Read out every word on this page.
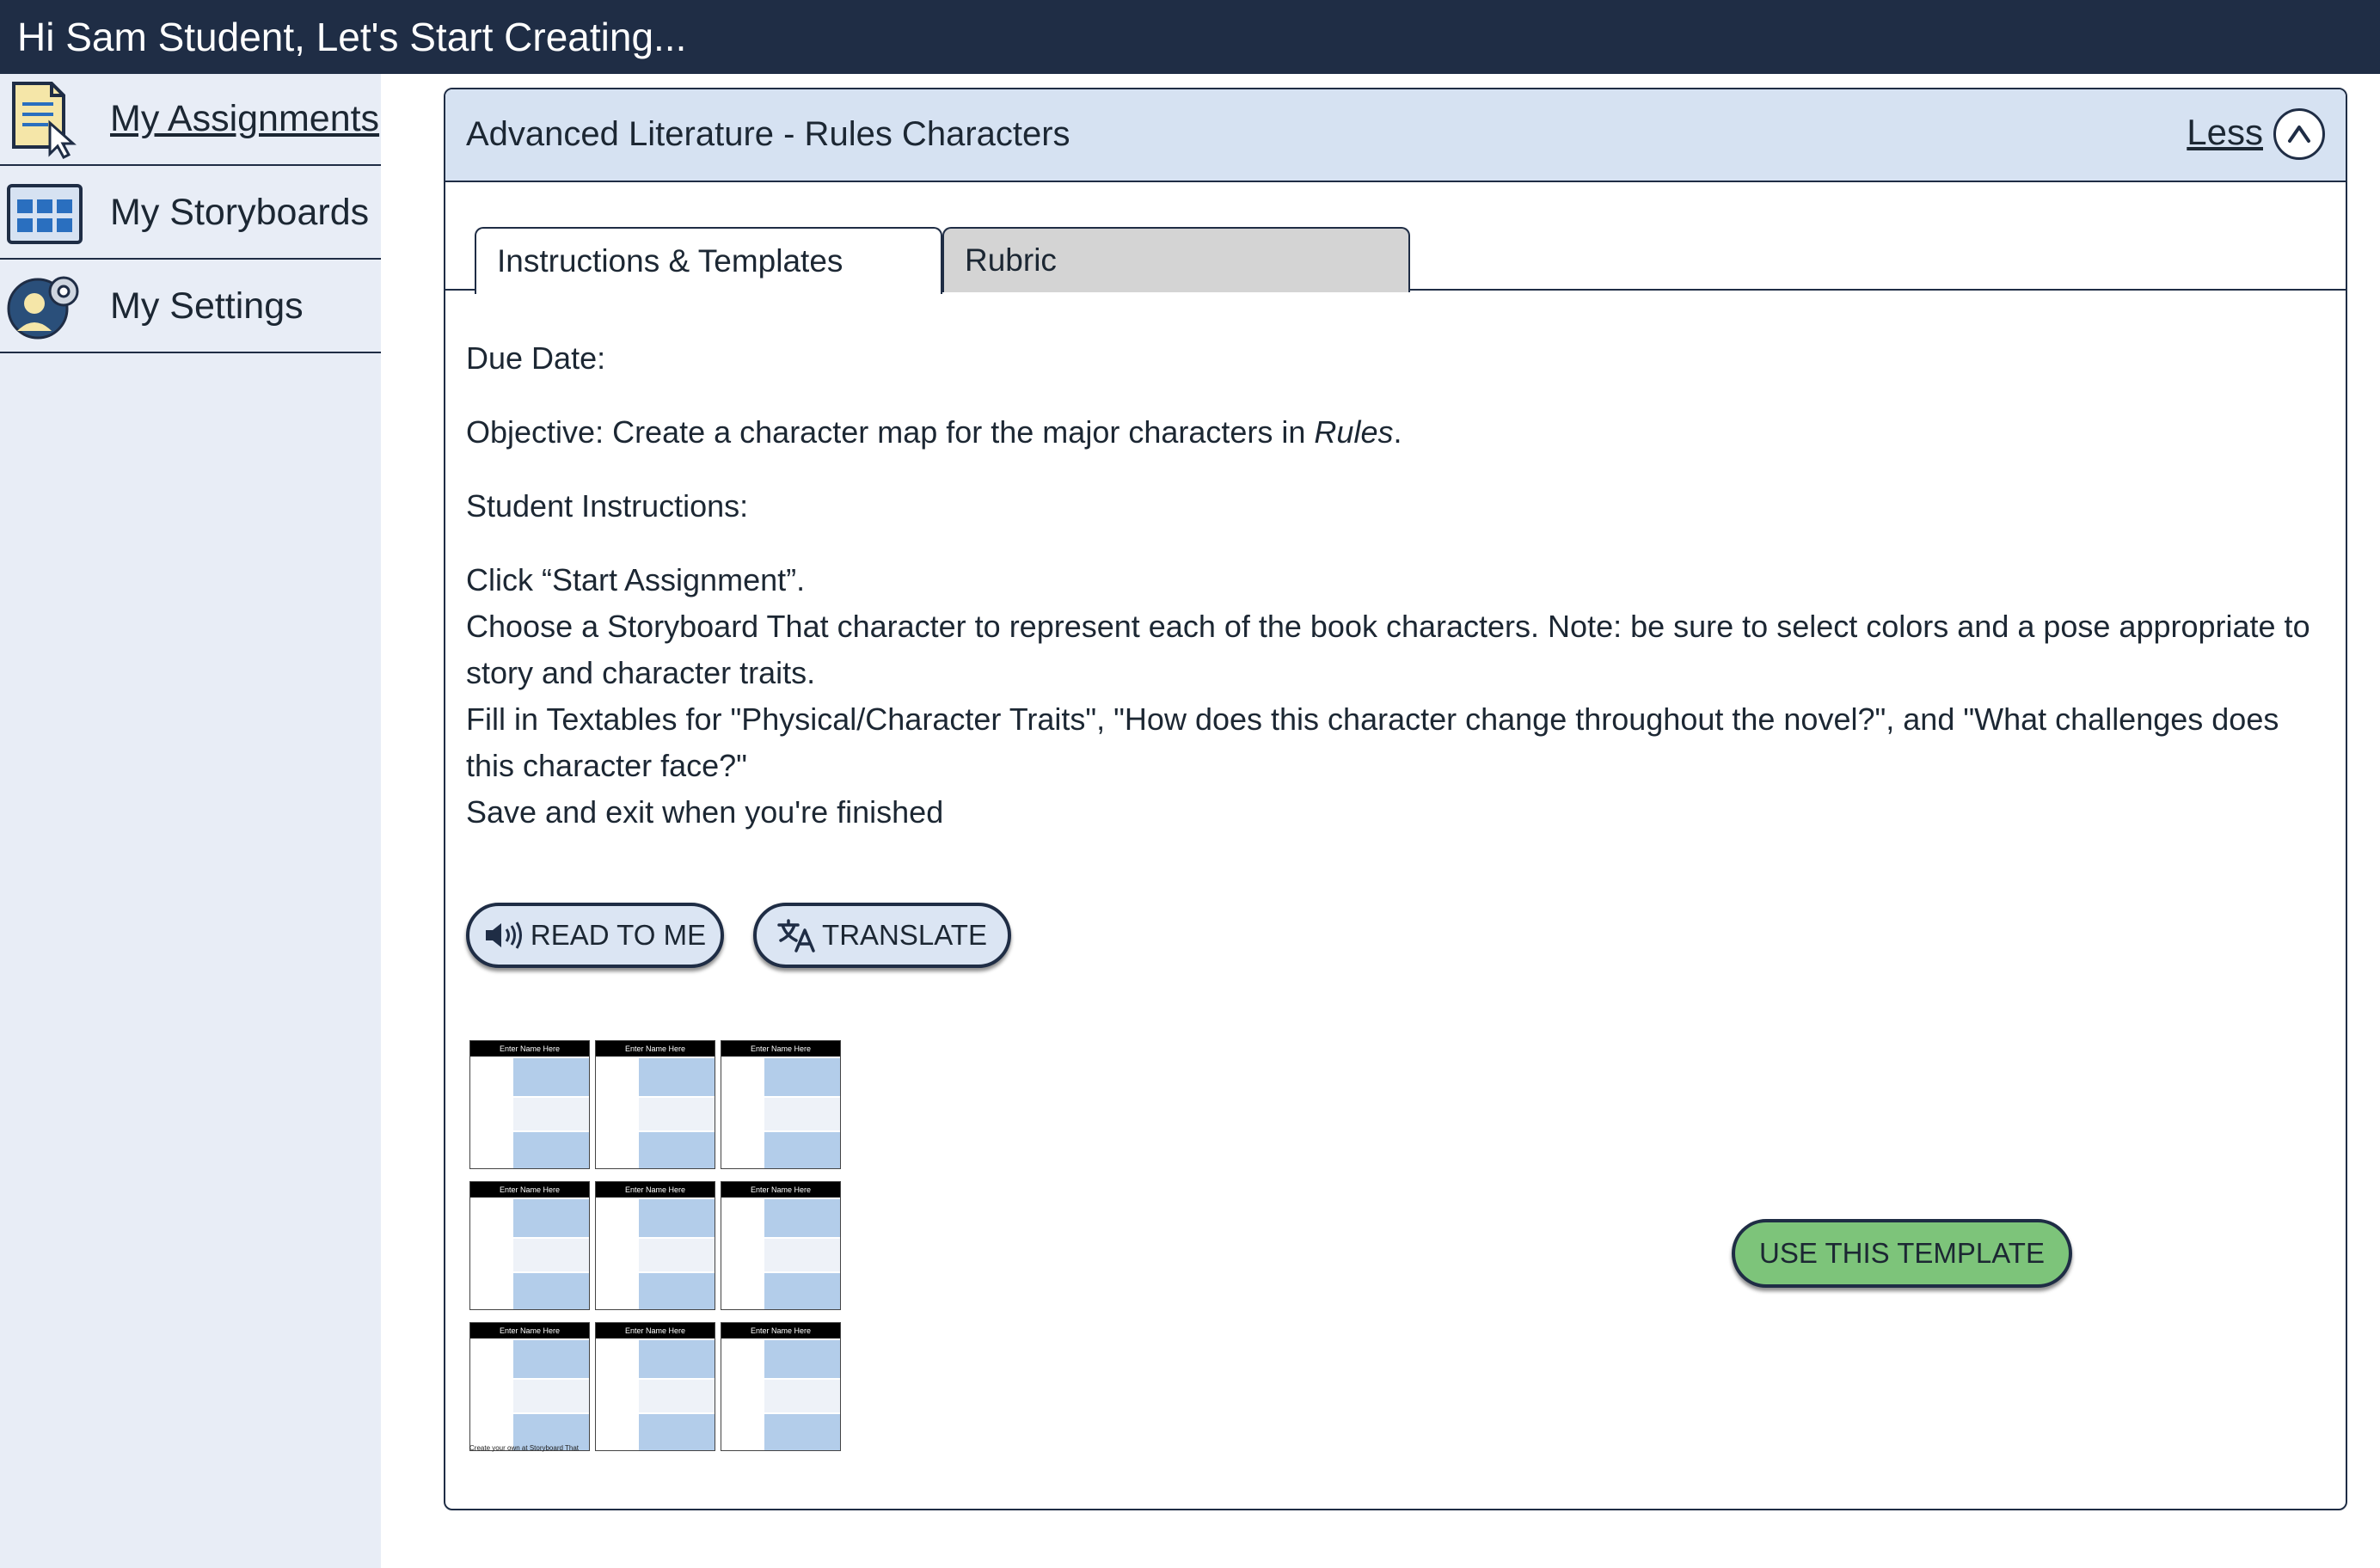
Hi Sam Student, Let's Start Creating...
My Assignments
My Storyboards
My Settings
Advanced Literature - Rules Characters	Less
Instructions & Templates	Rubric

Due Date:

Objective: Create a character map for the major characters in Rules.

Student Instructions:

Click “Start Assignment”.

Choose a Storyboard That character to represent each of the book characters. Note: be sure to select colors and a pose appropriate to story and character traits.

Fill in Textables for "Physical/Character Traits", "How does this character change throughout the novel?", and "What challenges does this character face?"

Save and exit when you're finished

READ TO ME	TRANSLATE
Enter Name Here	Enter Name Here	Enter Name Here
Enter Name Here	Enter Name Here	Enter Name Here
Enter Name Here	Enter Name Here	Enter Name Here
Create your own at Storyboard That
USE THIS TEMPLATE
